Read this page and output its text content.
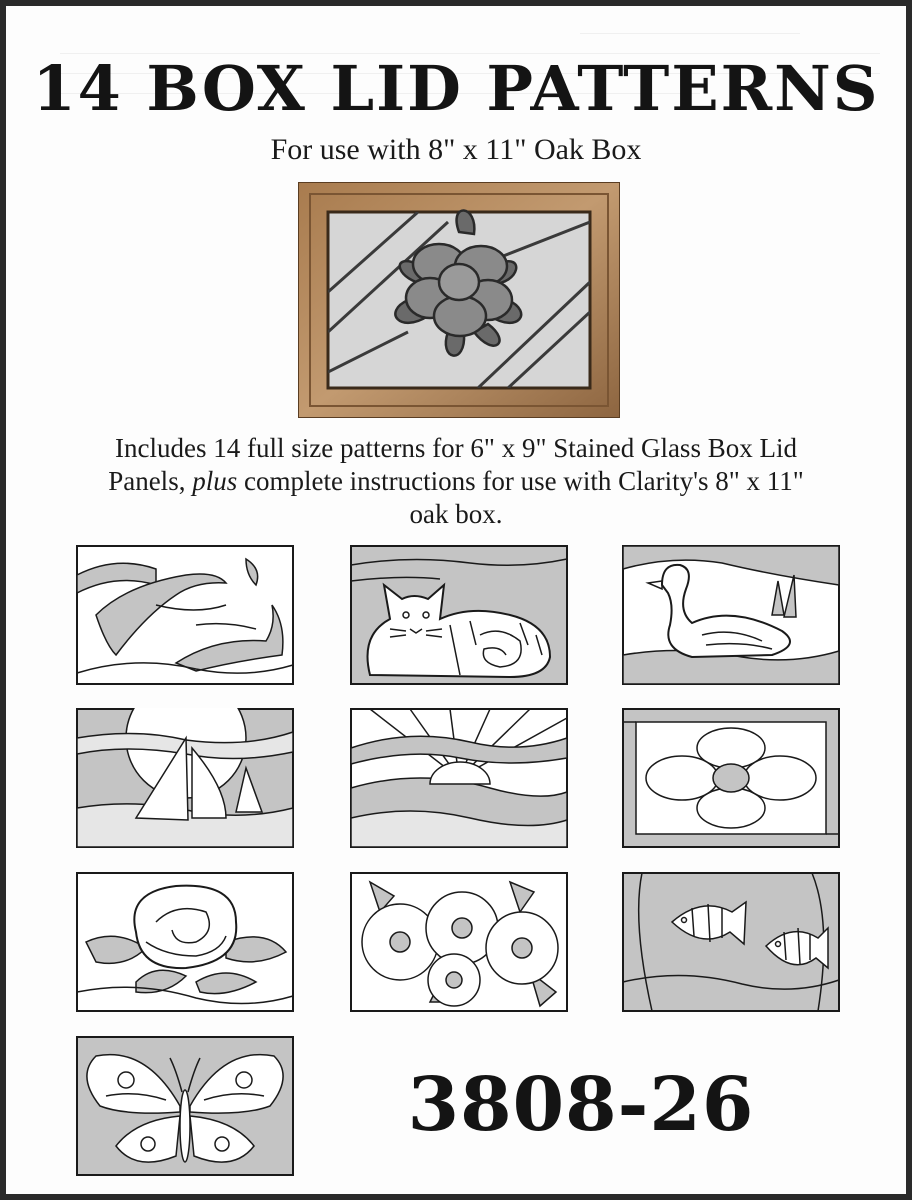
14 BOX LID PATTERNS

For use with 8" x 11" Oak Box

Includes 14 full size patterns for 6" x 9" Stained Glass Box Lid Panels, plus complete instructions for use with Clarity's 8" x 11" oak box.

3808-26
